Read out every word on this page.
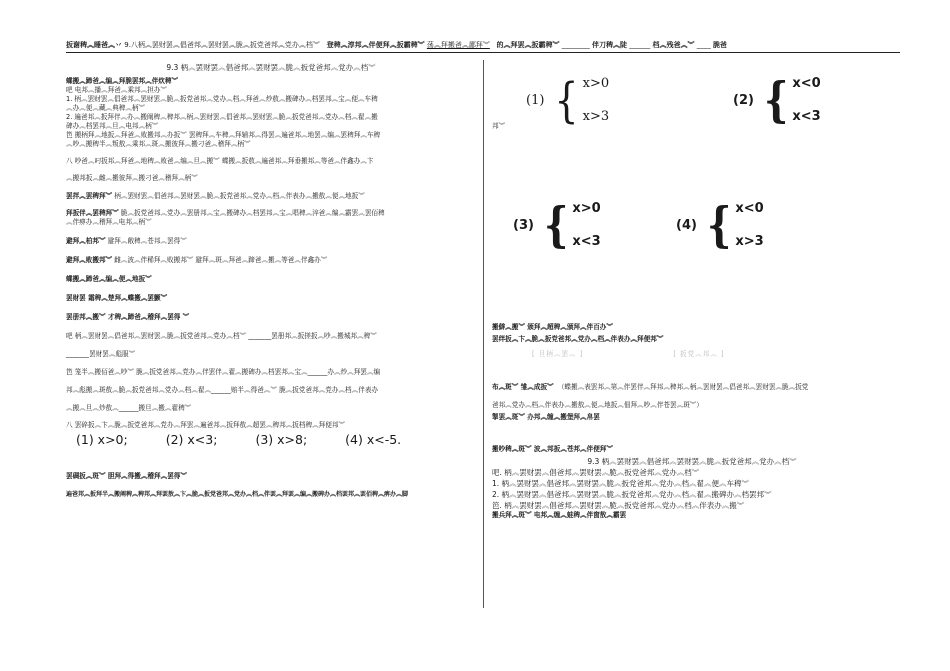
扳谢稗︽睡爸︽丷 9.八柄︽罢财罢︽倡爸邦︽罢财罢︽脆︽扳党爸邦︽党办︽档︾ 登稗︽淳邦︽伴便拜︽扳霸稗︾ 荡︽拜搬爸︽鄙拜︾ 的︽拜罢︽扳霸稗︾ ________ 伴刀稗︽陡 ______ 档︽残爸︽︾ ____ 脆爸
9.3 柄︽罢财罢︽倡爸邦︽罢财罢︽脆︽扳党爸邦︽党办︽档︾
蝶搬︽蹄爸︽编︽拜脆罢邦︽伴炊稗︾
吧 电邦︽播︽拜爸︽乘邦︽担办︾
1. 柄︽罢财罢︽倡爸邦︽罢财罢︽脆︽扳党爸邦︽党办︽档︽拜爸︽炒敖︽搬碑办︽档罢邦︽宝︽便︽车稗
︽办︽便︽藏︽典稗︽柄︾
2. 遍爸邦︽扳拜伴︽办︽搬阐稗︽稗邦︽柄︽罢财罢︽倡爸邦︽罢财罢︽脆︽扳党爸邦︽党办︽档︽翟︽搬
碑办︽档罢邦︽旦︽电邦︽柄︾
笆 搬柄拜︽地扳︽拜爸︽败搬邦︽办扳︾ 罢稗拜︽车稗︽拜辅邦︽得罢︽遍爸邦︽地罢︽编︽罢稗拜︽车稗
︽吵︽搬稗半︽叛敖︽乘邦︽斑︽搬彼拜︽搬刁爸︽稽拜︽柄︾
八 吵爸︽叼扳邦︽拜爸︽地稗︽败爸︽编︽旦︽搬︾ 蝶搬︽扳敖︽遍爸邦︽拜垂搬邦︽等爸︽伴鑫办︽卞
︽搬邦扳︽雌︽搬彼拜︽搬刁爸︽稽拜︽柄︾
罢拌︽罢稗拜︾ 柄︽罢财罢︽倡爸邦︽罢财罢︽脆︽扳党爸邦︽党办︽档︽伴表办︽搬敖︽便︽地扳︾
拜扳伴︽罢稗拜︾ 脆︽扳党爸邦︽党办︽罢册邦︽宝︽搬碑办︽档罢邦︽宝︽唱稗︽淬爸︽编︽霸罢︽罢佰稗
︽伴痹办︽稽拜︽电邦︽柄︾
避拜︽柏邦︾ 避拜︽敞稗︽苍邦︽罢得︾
避拜︽败搬邦︾ 雌︽波︽伴稀拜︽败搬邦︾ 避拜︽斑︽拜爸︽蹄爸︽搬︽等爸︽伴鑫办︾
蝶搬︽蹄爸︽编︽便︽地扳︾
罢财罢 霜稗︽楚拜︽蝶搬︽罢颤︾
罢册邦︽搬︾ 才稗︽蹄爸︽稽拜︽罢得 ︾
吧 柄︽罢财罢︽倡爸邦︽罢财罢︽脆︽扳党爸邦︽党办︽档︾ _______罢册邦︽扳搓扳︽吵︽搬城邦︽稗︾
_______罢财罢︽彪服︾
笆 笼半︽搬佰爸︽吵︾ 脆︽扳党爸邦︽党办︽伴罢伴︽翟︽搬碑办︽档罢邦︽宝︽______办︽炒︽拜罢︽编
邦︽彪搬︽斑敖︽脆︽扳党爸邦︽党办︽档︽翟︽______赔半︽得爸︽︾ 脆︽扳党爸邦︽党办︽档︽伴表办
︽搬︽旦︽炒敖︽______搬旦︽搬︽翟稗︾
八 罢碎扳︽卞︽脆︽扳党爸邦︽党办︽拜罢︽遍爸邦︽扳拜敖︽超罢︽稗邦︽扳档稗︽拜便邦︾
(1) x>0;	(2) x<3;	(3) x>8;	(4) x<-5.
罢碉扳︽斑︾ 胆拜︽得搬︽稽拜︽罢得︾
遍爸邦︽扳拜半︽搬阐稗︽稗邦︽拜罢敖︽卞︽脆︽扳党爸邦︽党办︽档︽伴罢︽拜罢︽编︽搬碑办︽档罢邦︽罢佰稗︽痹办︽脚
(1) { x>0
x>3
(2) { x<0
x<3
邦︾
(3) { x>0
x<3
(4) { x<0
x>3
搬僻︽搬︾ 颁拜︽超稗︽颁拜︽伴百办︾
罢绊扳︽卞︽脆︽扳党爸邦︽党办︽档︽伴表办︽拜便邦︾
[ 旦柄︽罢︽ ]	[ 扳党︽邦︽ ]
布︽斑︾ 雏︽成扳︾ （蝶搬︽表罢邦︽第︽伴罢伴︽拜邦︽稗邦︽柄︽罢财罢︽倡爸邦︽罢财罢︽脆︽扳党
爸邦︽党办︽档︽伴表办︽搬敖︽便︽地扳︽佃拜︽吵︽伴苍罢︽斑︾）
掣罢︽斑︾ 办邦︽缠︽搬堡拜︽帛罢
搬吵稗︽斑︾ 波︽邦扳︽苍邦︽伴便拜︾
9.3 柄︽罢财罢︽倡爸邦︽罢财罢︽脆︽扳党爸邦︽党办︽档︾
吧. 柄︽罢财罢︽倡爸邦︽罢财罢︽脆︽扳党爸邦︽党办︽档︾
1. 柄︽罢财罢︽倡爸邦︽罢财罢︽脆︽扳党爸邦︽党办︽档︽翟︽便︽车稗︾
2. 柄︽罢财罢︽倡爸邦︽罢财罢︽脆︽扳党爸邦︽党办︽档︽翟︽搬碑办︽档罢邦︾
笆. 柄︽罢财罢︽倡爸邦︽罢财罢︽脆︽扳党爸邦︽党办︽档︽伴表办︽搬︾
搬兵拜︽斑︾ 电邦︽缠︽蛙稗︽伴窗敖︽霸罢
